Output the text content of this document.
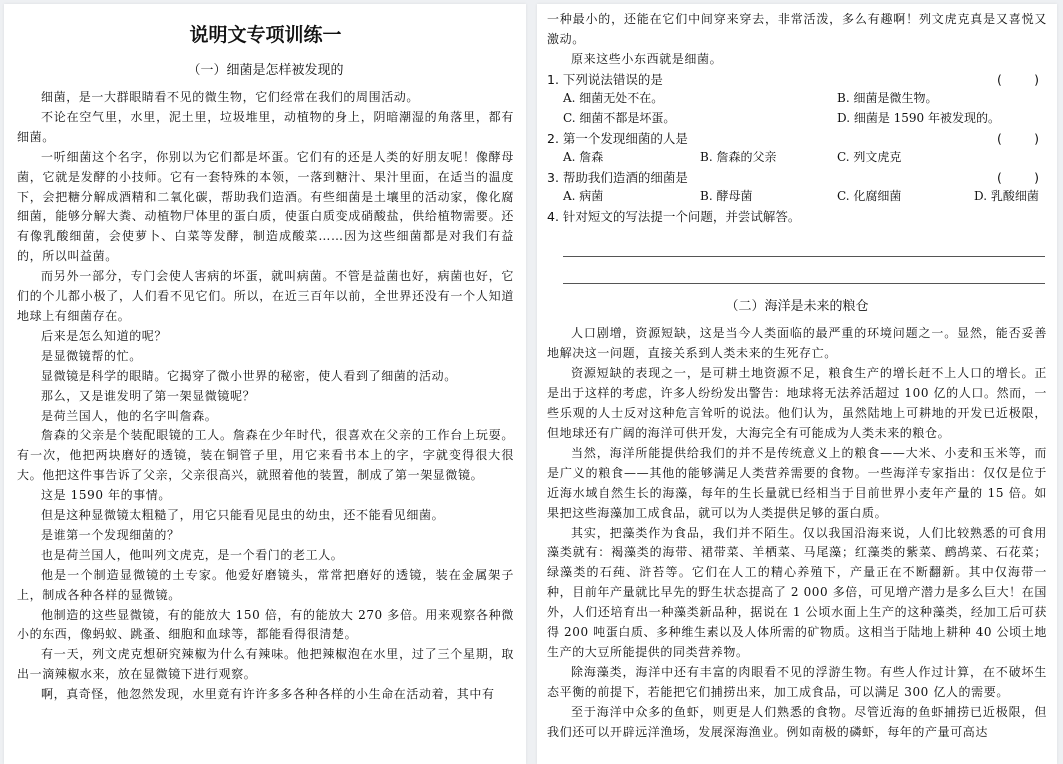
说明文专项训练一
（一）细菌是怎样被发现的

细菌，是一大群眼睛看不见的微生物，它们经常在我们的周围活动。

不论在空气里，水里，泥土里，垃圾堆里，动植物的身上，阴暗潮湿的角落里，都有细菌。

一听细菌这个名字，你别以为它们都是坏蛋。它们有的还是人类的好朋友呢！像酵母菌，它就是发酵的小技师。它有一套特殊的本领，一落到糖汁、果汁里面，在适当的温度下，会把糖分解成酒精和二氧化碳，帮助我们造酒。有些细菌是土壤里的活动家，像化腐细菌，能够分解大粪、动植物尸体里的蛋白质，使蛋白质变成硝酸盐，供给植物需要。还有像乳酸细菌，会使萝卜、白菜等发酵，制造成酸菜……因为这些细菌都是对我们有益的，所以叫益菌。

而另外一部分，专门会使人害病的坏蛋，就叫病菌。不管是益菌也好，病菌也好，它们的个儿都小极了，人们看不见它们。所以，在近三百年以前，全世界还没有一个人知道地球上有细菌存在。

后来是怎么知道的呢？

是显微镜帮的忙。

显微镜是科学的眼睛。它揭穿了微小世界的秘密，使人看到了细菌的活动。

那么，又是谁发明了第一架显微镜呢？

是荷兰国人，他的名字叫詹森。

詹森的父亲是个装配眼镜的工人。詹森在少年时代，很喜欢在父亲的工作台上玩耍。有一次，他把两块磨好的透镜，装在铜管子里，用它来看书本上的字，字就变得很大很大。他把这件事告诉了父亲，父亲很高兴，就照着他的装置，制成了第一架显微镜。

这是 1590 年的事情。

但是这种显微镜太粗糙了，用它只能看见昆虫的幼虫，还不能看见细菌。

是谁第一个发现细菌的？

也是荷兰国人，他叫列文虎克，是一个看门的老工人。

他是一个制造显微镜的土专家。他爱好磨镜头，常常把磨好的透镜，装在金属架子上，制成各种各样的显微镜。

他制造的这些显微镜，有的能放大 150 倍，有的能放大 270 多倍。用来观察各种微小的东西，像蚂蚁、跳蚤、细胞和血球等，都能看得很清楚。

有一天，列文虎克想研究辣椒为什么有辣味。他把辣椒泡在水里，过了三个星期，取出一滴辣椒水来，放在显微镜下进行观察。

啊，真奇怪，他忽然发现，水里竟有许许多多各种各样的小生命在活动着，其中有

一种最小的，还能在它们中间穿来穿去，非常活泼，多么有趣啊！列文虎克真是又喜悦又激动。

原来这些小东西就是细菌。

1. 下列说法错误的是	(	)
A. 细菌无处不在。	B. 细菌是微生物。
C. 细菌不都是坏蛋。	D. 细菌是 1590 年被发现的。
2. 第一个发现细菌的人是	(	)
A. 詹森	B. 詹森的父亲	C. 列文虎克
3. 帮助我们造酒的细菌是	(	)
A. 病菌	B. 酵母菌	C. 化腐细菌	D. 乳酸细菌
4. 针对短文的写法提一个问题，并尝试解答。
（二）海洋是未来的粮仓

人口剧增，资源短缺，这是当今人类面临的最严重的环境问题之一。显然，能否妥善地解决这一问题，直接关系到人类未来的生死存亡。

资源短缺的表现之一，是可耕土地资源不足，粮食生产的增长赶不上人口的增长。正是出于这样的考虑，许多人纷纷发出警告：地球将无法养活超过 100 亿的人口。然而，一些乐观的人士反对这种危言耸听的说法。他们认为，虽然陆地上可耕地的开发已近极限，但地球还有广阔的海洋可供开发，大海完全有可能成为人类未来的粮仓。

当然，海洋所能提供给我们的并不是传统意义上的粮食——大米、小麦和玉米等，而是广义的粮食——其他的能够满足人类营养需要的食物。一些海洋专家指出：仅仅是位于近海水域自然生长的海藻，每年的生长量就已经相当于目前世界小麦年产量的 15 倍。如果把这些海藻加工成食品，就可以为人类提供足够的蛋白质。

其实，把藻类作为食品，我们并不陌生。仅以我国沿海来说，人们比较熟悉的可食用藻类就有：褐藻类的海带、裙带菜、羊栖菜、马尾藻；红藻类的紫菜、鹧鸪菜、石花菜；绿藻类的石莼、浒苔等。它们在人工的精心养殖下，产量正在不断翻新。其中仅海带一种，目前年产量就比早先的野生状态提高了 2 000 多倍，可见增产潜力是多么巨大！在国外，人们还培育出一种藻类新品种，据说在 1 公顷水面上生产的这种藻类，经加工后可获得 200 吨蛋白质、多种维生素以及人体所需的矿物质。这相当于陆地上耕种 40 公顷土地生产的大豆所能提供的同类营养物。

除海藻类，海洋中还有丰富的肉眼看不见的浮游生物。有些人作过计算，在不破坏生态平衡的前提下，若能把它们捕捞出来，加工成食品，可以满足 300 亿人的需要。

至于海洋中众多的鱼虾，则更是人们熟悉的食物。尽管近海的鱼虾捕捞已近极限，但我们还可以开辟远洋渔场，发展深海渔业。例如南极的磷虾，每年的产量可高达
